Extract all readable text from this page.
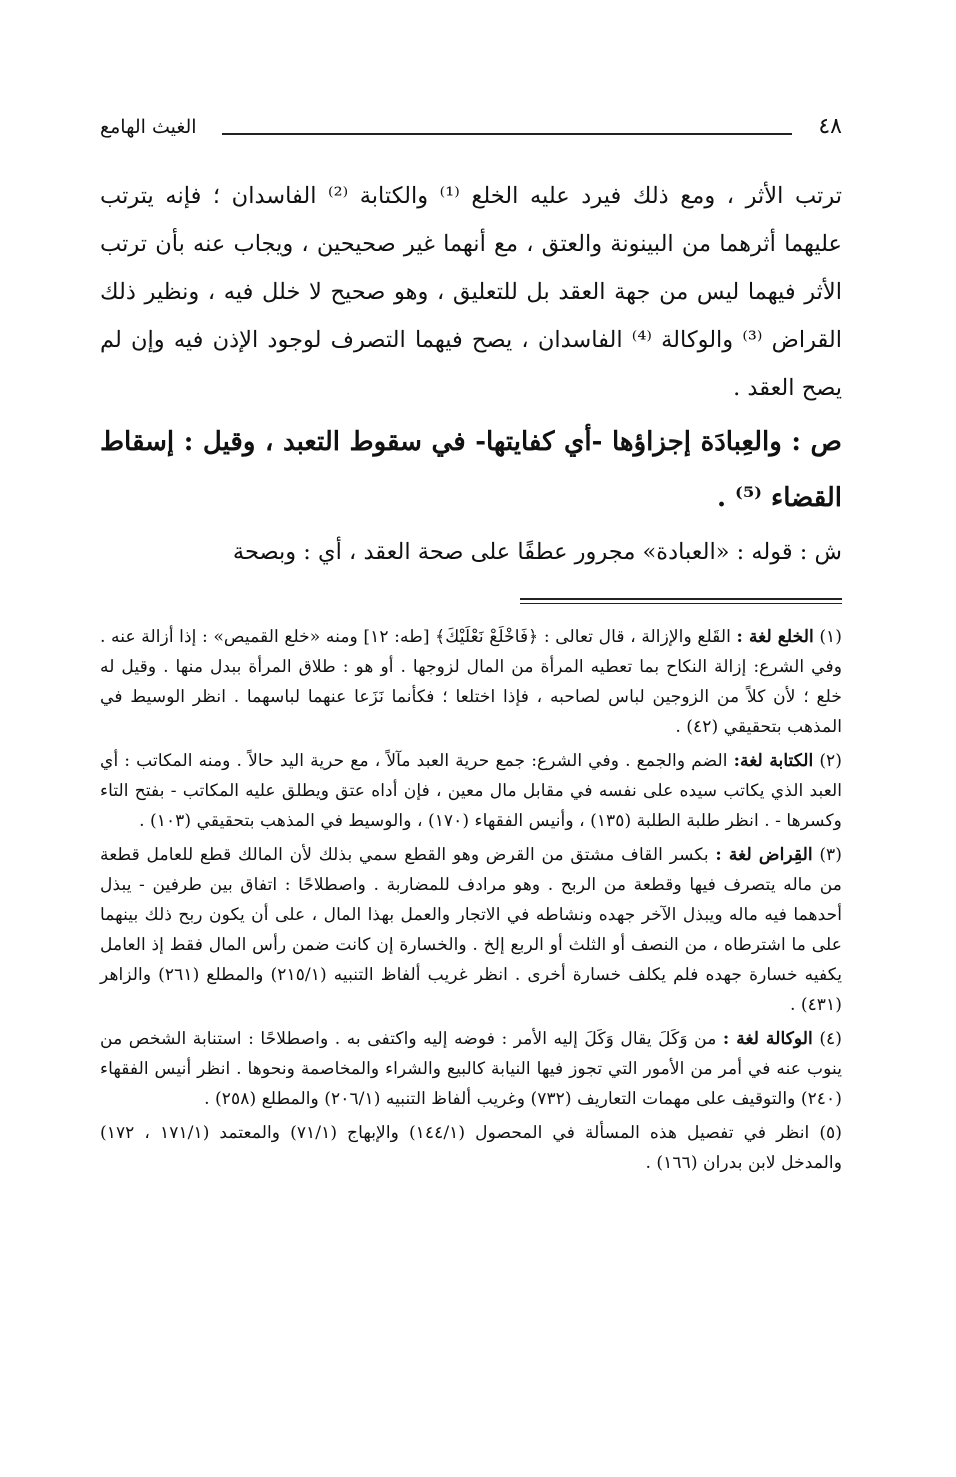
٤٨
الغيث الهامع

ترتب الأثر ، ومع ذلك فيرد عليه الخلع ⁽¹⁾ والكتابة ⁽²⁾ الفاسدان ؛ فإنه يترتب عليهما أثرهما من البينونة والعتق ، مع أنهما غير صحيحين ، ويجاب عنه بأن ترتب الأثر فيهما ليس من جهة العقد بل للتعليق ، وهو صحيح لا خلل فيه ، ونظير ذلك القراض ⁽³⁾ والوكالة ⁽⁴⁾ الفاسدان ، يصح فيهما التصرف لوجود الإذن فيه وإن لم يصح العقد .

ص : والعِبادَة إجزاؤها -أي كفايتها- في سقوط التعبد ، وقيل : إسقاط القضاء ⁽⁵⁾ .

ش : قوله : «العبادة» مجرور عطفًا على صحة العقد ، أي : وبصحة

(١) الخلع لغة : القَلع والإزالة ، قال تعالى : ﴿فَاخْلَعْ نَعْلَيْكَ﴾ [طه: ١٢] ومنه «خلع القميص» : إذا أزالة عنه . وفي الشرع: إزالة النكاح بما تعطيه المرأة من المال لزوجها . أو هو : طلاق المرأة ببدل منها . وقيل له خلع ؛ لأن كلاً من الزوجين لباس لصاحبه ، فإذا اختلعا ؛ فكأنما نَزَعا عنهما لباسهما . انظر الوسيط في المذهب بتحقيقي (٤٢) .

(٢) الكتابة لغة: الضم والجمع . وفي الشرع: جمع حرية العبد مآلاً ، مع حرية اليد حالاً . ومنه المكاتب : أي العبد الذي يكاتب سيده على نفسه في مقابل مال معين ، فإن أداه عتق ويطلق عليه المكاتب - بفتح التاء وكسرها - . انظر طلبة الطلبة (١٣٥) ، وأنيس الفقهاء (١٧٠) ، والوسيط في المذهب بتحقيقي (١٠٣) .

(٣) القِراض لغة : بكسر القاف مشتق من القرض وهو القطع سمي بذلك لأن المالك قطع للعامل قطعة من ماله يتصرف فيها وقطعة من الربح . وهو مرادف للمضاربة . واصطلاحًا : اتفاق بين طرفين - يبذل أحدهما فيه ماله ويبذل الآخر جهده ونشاطه في الاتجار والعمل بهذا المال ، على أن يكون ربح ذلك بينهما على ما اشترطاه ، من النصف أو الثلث أو الربع إلخ . والخسارة إن كانت ضمن رأس المال فقط إذ العامل يكفيه خسارة جهده فلم يكلف خسارة أخرى . انظر غريب ألفاظ التنبيه (٢١٥/١) والمطلع (٢٦١) والزاهر (٤٣١) .

(٤) الوكالة لغة : من وَكَلَ يقال وَكَلَ إليه الأمر : فوضه إليه واكتفى به . واصطلاحًا : استنابة الشخص من ينوب عنه في أمر من الأمور التي تجوز فيها النيابة كالبيع والشراء والمخاصمة ونحوها . انظر أنيس الفقهاء (٢٤٠) والتوقيف على مهمات التعاريف (٧٣٢) وغريب ألفاظ التنبيه (٢٠٦/١) والمطلع (٢٥٨) .

(٥) انظر في تفصيل هذه المسألة في المحصول (١٤٤/١) والإبهاج (٧١/١) والمعتمد (١٧١/١ ، ١٧٢) والمدخل لابن بدران (١٦٦) .
